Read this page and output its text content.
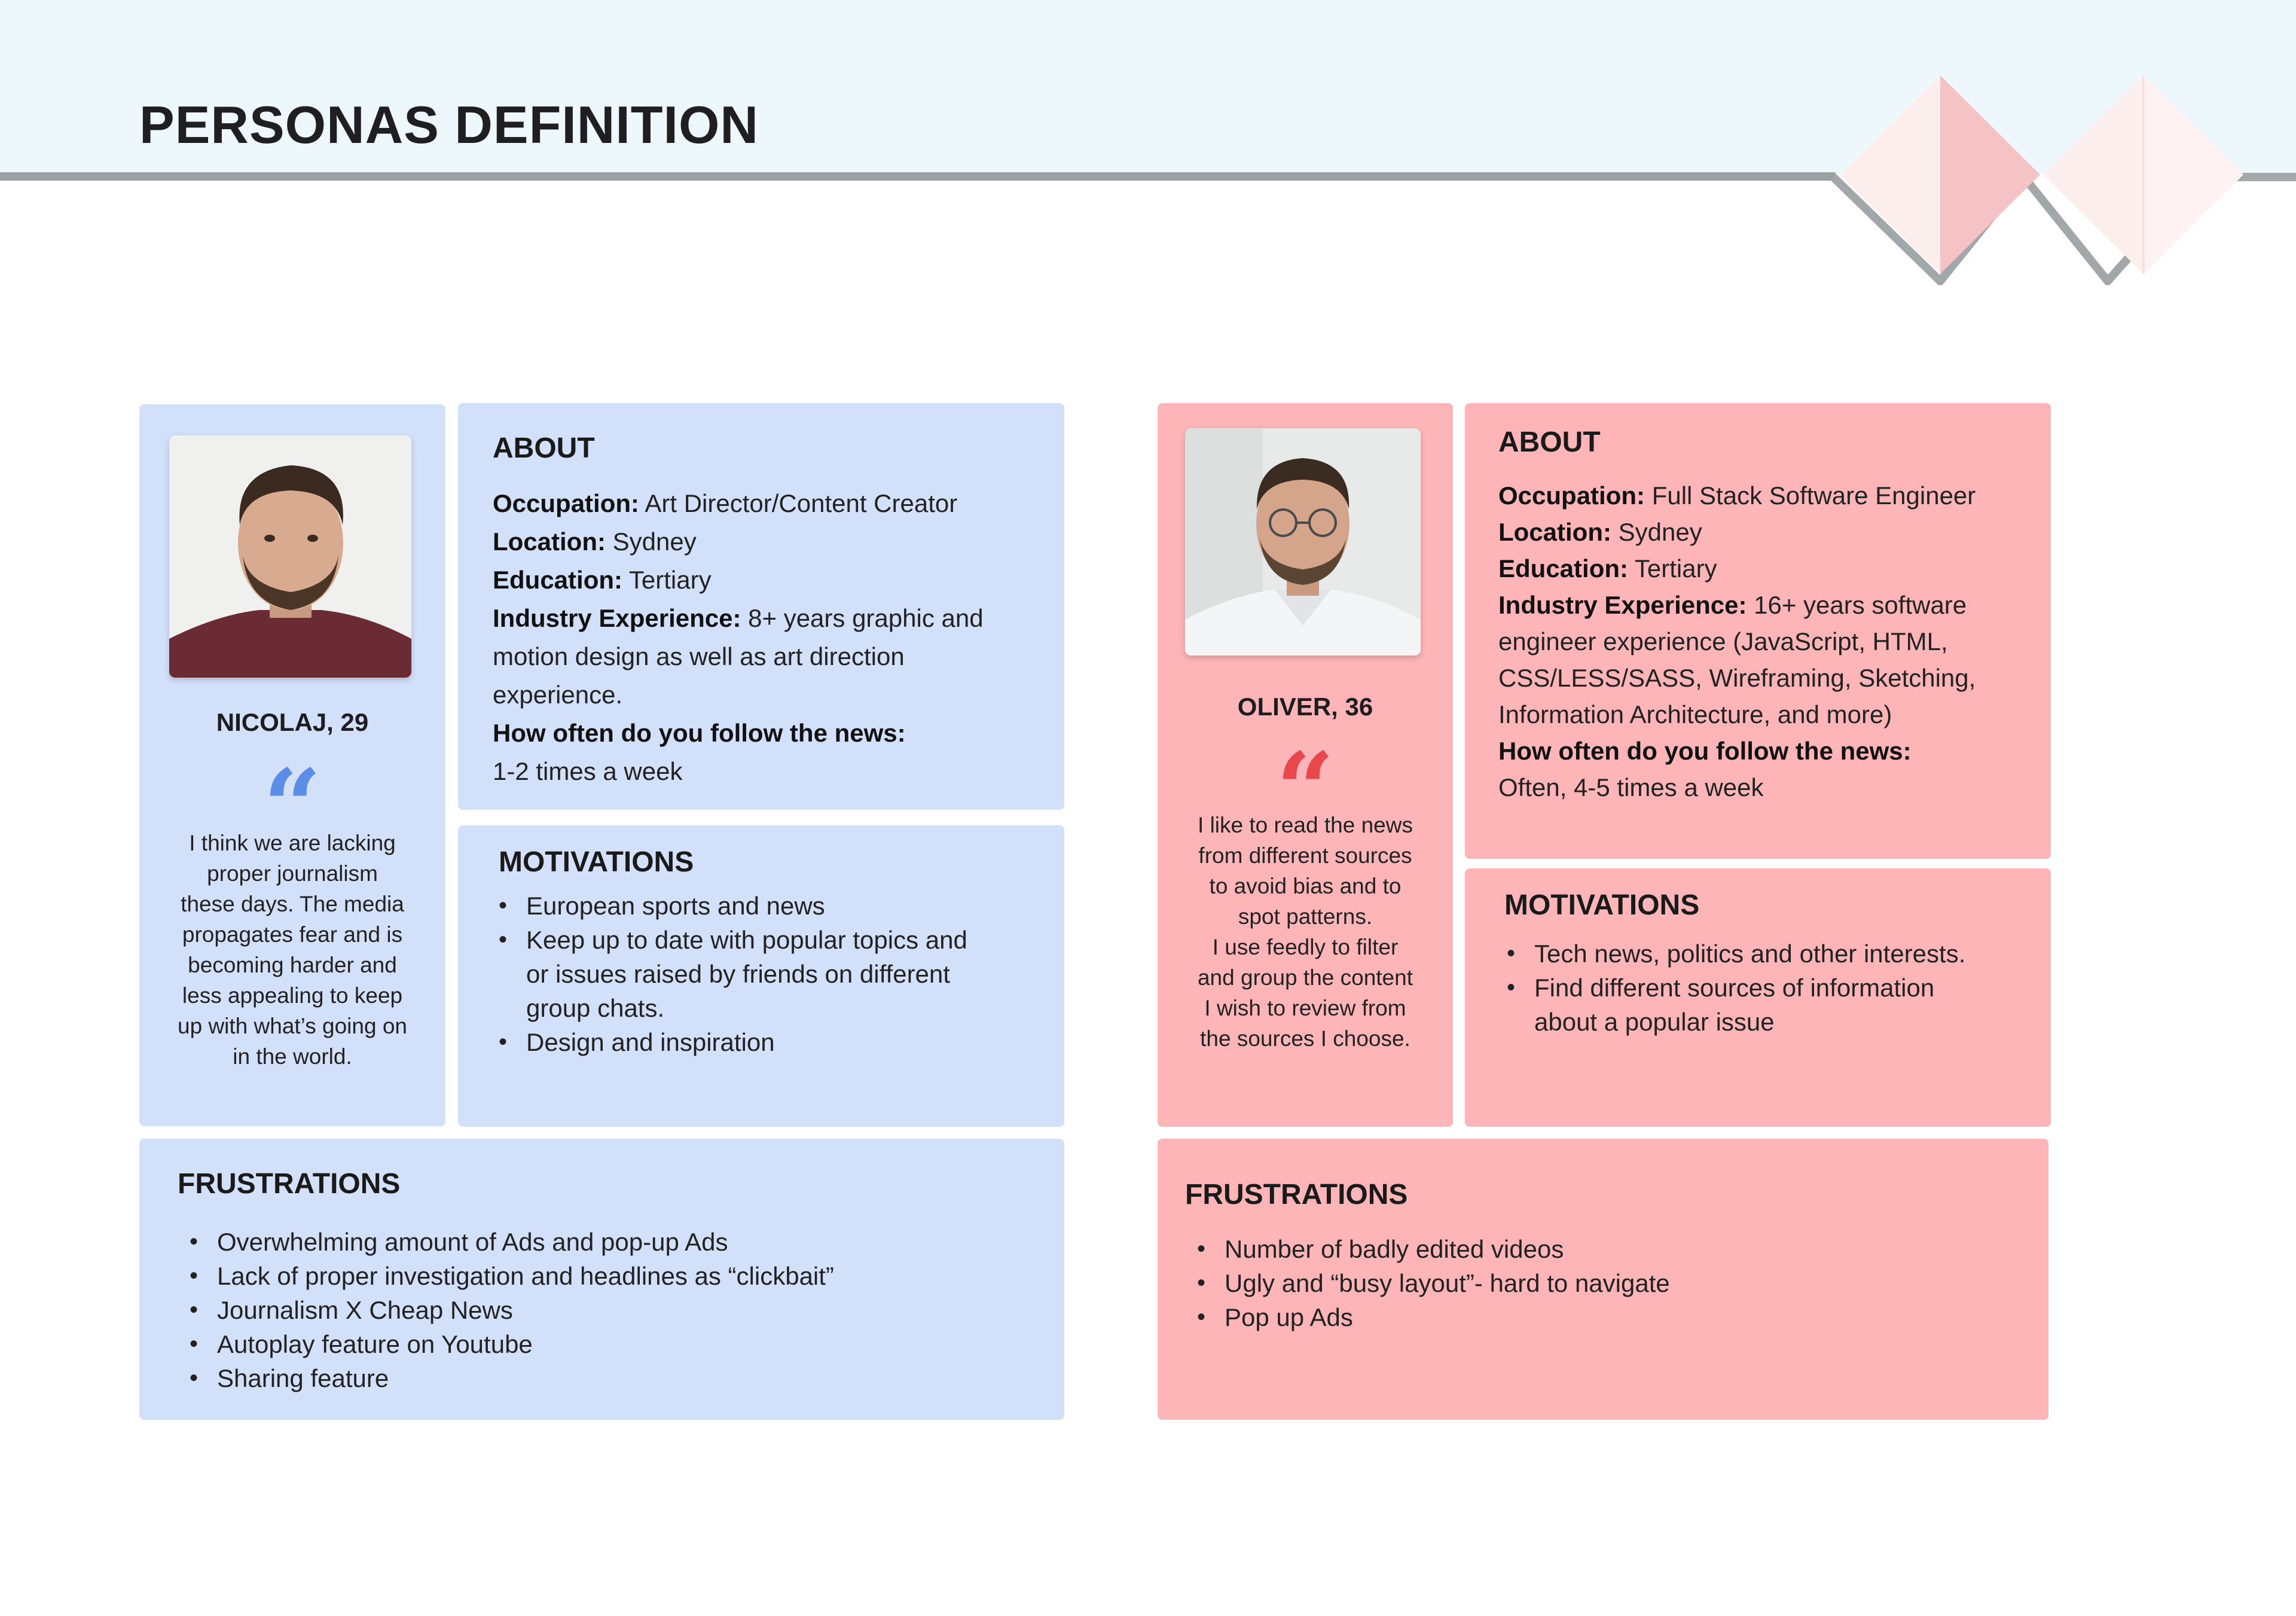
PERSONAS DEFINITION

NICOLAJ, 29

“

I think we are lacking
proper journalism
these days. The media
propagates fear and is
becoming harder and
less appealing to keep
up with what’s going on
in the world.

ABOUT
Occupation: Art Director/Content Creator
Location: Sydney
Education: Tertiary
Industry Experience: 8+ years graphic and
motion design as well as art direction
experience.
How often do you follow the news:
1-2 times a week
MOTIVATIONS
• European sports and news
• Keep up to date with popular topics and
or issues raised by friends on different
group chats.
• Design and inspiration
FRUSTRATIONS
• Overwhelming amount of Ads and pop-up Ads
• Lack of proper investigation and headlines as “clickbait”
• Journalism X Cheap News
• Autoplay feature on Youtube
• Sharing feature

OLIVER, 36

“

I like to read the news
from different sources
to avoid bias and to
spot patterns.
I use feedly to filter
and group the content
I wish to review from
the sources I choose.

ABOUT
Occupation: Full Stack Software Engineer
Location: Sydney
Education: Tertiary
Industry Experience: 16+ years software
engineer experience (JavaScript, HTML,
CSS/LESS/SASS, Wireframing, Sketching,
Information Architecture, and more)
How often do you follow the news:
Often, 4-5 times a week
MOTIVATIONS
• Tech news, politics and other interests.
• Find different sources of information
about a popular issue
FRUSTRATIONS
• Number of badly edited videos
• Ugly and “busy layout”- hard to navigate
• Pop up Ads
